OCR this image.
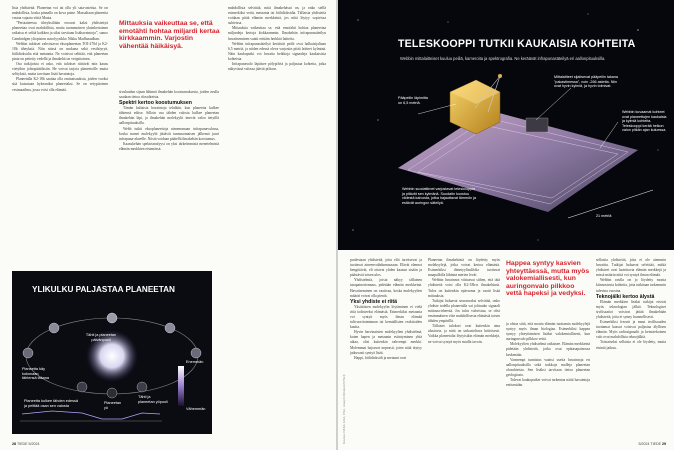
lisia yhdisteitä. Planeetan voi tai olla yli sata-asteista. Se on mahdollista, koska pinnalla on kova paine. Massaltaan planeetta vastaa vajaata viittä Maata.

”Periaatteessa tiheyksiltään eroavat kaksi yhdistettyä planeettaa ovat mahdollisia, mutta tuommoinen yksinkertainen ratkaisu ei selitä kaikkea ja siksi tarvitaan lisähavaintoja”, sanoo Cambridgen yliopiston astrofyysikko Nikku Madhusudhan.

Webbin tulokset vahvistavat eksoplaneetan TOI-270d ja K2-18b tiheyksiä. Niin niissä on mukana sekä vesihöyryä, hiilidioksidia että metaania. Ne voisivat selittää, että planeetan pinta on peitetty vedellä ja ilmakehä on vetypitoinen.

Osa tutkijoista ei usko, että tulokset riittävät niin kauas vietyihin johtopäätöksiin. He voivat tarjota planeetoille muita selityksiä, mutta tarvitaan lisää havaintoja.

Planeetalla K2-18b saattaa olla ominaisuuksia, joiden vuoksi sitä kutsutaan hykeaniksi planeetaksi. Se on vetypitoinen vesimaailma, jossa voisi olla elämää.

Mittauksia vaikeuttaa se, että emotähti hohtaa miljardi kertaa kirkkaammin. Varjostin vähentää häikäisyä.

sivuluadun sijaan lähinnä ilmakehän koostumuksesta, joiden avulla saadaan tietoa olosuhteista.

Spektri kertoo koostumuksen

Tämän kaltaisia havaintoja tehdään, kun planeetta kulkee tähtensä editse. Silloin osa tähden valosta kulkee planeetan ilmakehän läpi, ja ilmakehän molekyylit imevät valoa tietyillä aallonpituuksilla.

Webb tutkii eksoplaneettoja nimenomaan infrapunavalossa, koska monet molekyylit jättävät tunnusomaisen jälkensä juuri infrapuna-alueelle. Niistä voidaan päätellä ilmakehän koostumus.

Kaasukehän spektrianalyysi on yksi tärkeimmistä menetelmistä elämän merkkien etsinnässä.

mahdollista selvittää, mitä ilmakehässä on, ja onko siellä esimerkiksi vettä, metaania tai hiilidioksidia. Tällaisia yhdisteitä voidaan pitää elämän merkkeinä, jos niitä löytyy sopivissa suhteissa.

Mittauksia vaikeuttaa se, että emotähti hohtaa planeettaa miljardeja kertoja kirkkaammin. Ilmakehän infrapunasäteilyn havaitseminen vaatii erittäin herkkiä laitteita.

Webbin infrapunasäteilyä keräävät peilit ovat halkaisijaltaan 6,5 metriä, ja niiden edessä oleva varjostin pitää laitteet kylminä. Näin kaukoputki voi havaita heikkoja signaaleja kaukaisista kohteista.

Infrapunavalo läpäisee pölypilviä ja paljastaa kohteita, jotka näkyvässä valossa jäävät piiloon.

YLIKULKU PALJASTAA PLANEETAN
Tähti ja planeetan päivänpuoli
Planeetta käy kokonaan tähtensä takana
Planeetta kulkee tähden edessä ja peittää osan sen valosta
Tähti ja planeetan yöpuoli
Planeetan yö
Enemmän
Vähemmän
28 TIEDE 5/2024
TELESKOOPPI TUTKII KAUKAISIA KOHTEITA
Webbin mittalaitteiset kuuluu peiliä, kameroita ja spektrografia. Ne keräävät infrapunasäteilyä eri aallonpituuksilla.
Pääpeilin läpimitta on 6,5 metriä.
Mittalaitteet sijaitsevat pääpeilin takana "pakastimessa", noin -266 astetta. Niin ovat hyvin kylmiä, ja hyvin toimivat.
Webbin kuvaamat kohteet ovat planeettojen kaukaisia ja kylmiä kohteita. Teleskooppi kerää heikon valon pitkän ajan kuluessa.
Webbin suodattimet varjostavat teleskooppia ja pitävät sen kylmänä. Suodatin koostuu viidestä kalvosta, jotka hajauttavat lämmön ja estävät auringon säteilyä.
21 metriä
Kuvitus: NASA, ESA, CSA, Joseph Olmsted (STScI)

puolestaan yhdisteitä, joita elöt tarvitsevat ja tuottavat aineenvaihdunnassaan. Elävät olennot hengittävät, eli ottavat yhden kaasun sisään ja päästävät toisen ulos.

Yhdistelmiä, joista näkyy tällainen tasapainottomuus, pidetään elämän merkkeinä. Havaitseminen on vaativaa, koska molekyylien määrät voivat olla pieniä.

Yksi yhdiste ei riitä

Yksittäisen molekyylin löytäminen ei vielä riitä todisteeksi elämästä. Esimerkiksi metaania voi syntyä myös ilman elämää tulivuoritoiminnan tai kemiallisten reaktioiden kautta.

Hyvin harvinaisten molekyylien yhdistelmä, kuten hapen ja metaanin esiintyminen yhtä aikaa, olisi kuitenkin vahvempi merkki. Molemmat hajoavat nopeasti, joten niitä täytyy jatkuvasti syntyä lisää.

Happi, hiilidioksidi ja metaani ovat

Planeetan ilmakehästä on löydetty myös molekyylejä, jotka voivat kertoa elämästä. Esimerkiksi dimetyylisulfidia tuottavat maapallolla lähinnä merten levät.

Webbin havainnot viittaavat siihen, että tätä yhdistettä voisi olla K2-18b:n ilmakehässä. Tulos on kuitenkin epävarma ja vaatii lisää mittauksia.

Tutkijat haluavat seuraavaksi selvittää, onko yhdiste todella planeetalla vai johtuuko signaali mittausvirheestä. Jos tulos vahvistuu, se olisi ensimmäinen viite mahdollisesta elämästä toisen tähden ympärillä.

Tällaiset tulokset ovat kuitenkin aina alustavia, ja niitä on tarkasteltava kriittisesti. Vaikka planeetalta löytyisikin elämän merkkejä, ne voivat syntyä myös muilla tavoin.

Happea syntyy kasvien yhteyttäessä, mutta myös valokemiallisesti, kun auringonvalo pilkkoo vettä hapeksi ja vedyksi.

ja ohtoa siitä, että monia elämän tuottamia molekyylejä syntyy myös ilman biologiaa. Esimerkiksi happea syntyy yhteyttämisen lisäksi valokemiallisesti, kun auringonvalo pilkkoo vettä.

Molekyylien yhdistelmä ratkaisee. Elämän merkkeinä pidetään yhdisteitä, jotka ovat epätasapainossa keskenään.

Varmempi tunnistus vaatisi useita havaintoja eri aallonpituuksilla sekä tarkkoja malleja planeetan olosuhteista. Sen lisäksi tarvitaan tietoa planeetan geologiasta.

Tulevat kaukoputket voivat tarkentaa näitä havaintoja entisestään.

sellaisia yhdisteitä, joita ei ole aiemmin havaittu. Tutkijat haluavat selvittää, mitkä yhdisteet ovat luotettavia elämän merkkejä ja missä määrin niitä voi syntyä ilman elämää.

Webbin avulla on jo löydetty monia kiinnostavia kohteita, joita tutkitaan tarkemmin tulevina vuosina.

Teknojälki kertoo älystä

Elämän merkkien lisäksi tutkijat etsivät myös teknologian jälkiä. Teknologiset sivilisaatiot voisivat jättää ilmakehään yhdisteitä, joita ei synny luonnollisesti.

Esimerkiksi freonit ja muut teollisuuden tuottamat kaasut voisivat paljastaa älyllisen elämän. Myös radiosignaalit ja keinotekoinen valo ovat mahdollisia teknojälkiä.

Toistaiseksi sellaisia ei ole löydetty, mutta etsintä jatkuu.

5/2024 TIEDE 29
